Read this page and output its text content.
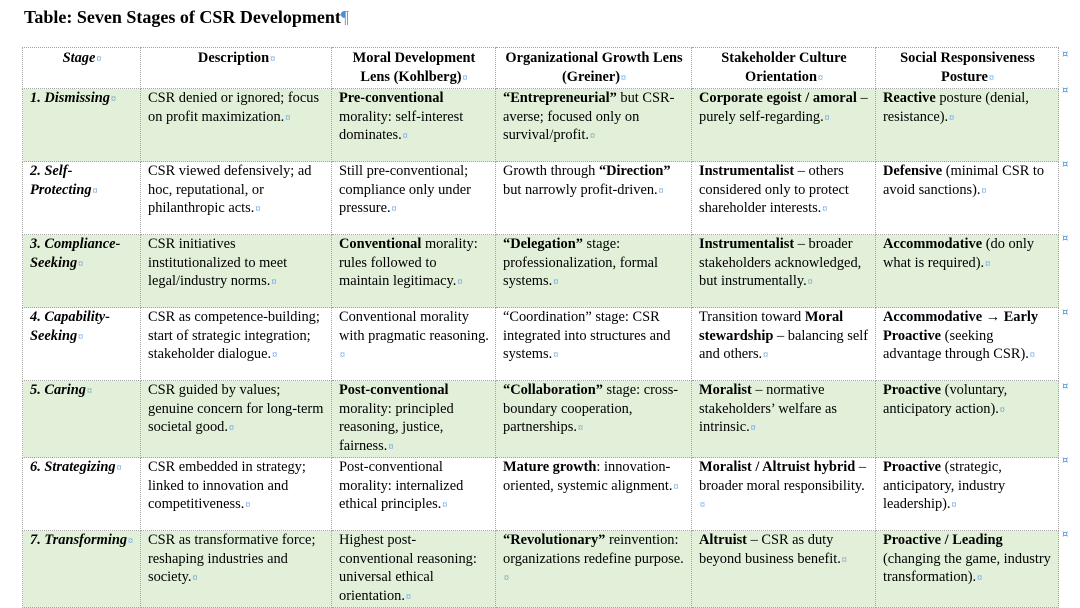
Table: Seven Stages of CSR Development¶
Stage¤	Description¤	Moral Development Lens (Kohlberg)¤	Organizational Growth Lens (Greiner)¤	Stakeholder Culture Orientation¤	Social Responsiveness Posture¤
1. Dismissing¤	CSR denied or ignored; focus on profit maximization.¤	Pre-conventional morality: self-interest dominates.¤	“Entrepreneurial” but CSR-averse; focused only on survival/profit.¤	Corporate egoist / amoral – purely self-regarding.¤	Reactive posture (denial, resistance).¤
2. Self-Protecting¤	CSR viewed defensively; ad hoc, reputational, or philanthropic acts.¤	Still pre-conventional; compliance only under pressure.¤	Growth through “Direction” but narrowly profit-driven.¤	Instrumentalist – others considered only to protect shareholder interests.¤	Defensive (minimal CSR to avoid sanctions).¤
3. Compliance-Seeking¤	CSR initiatives institutionalized to meet legal/industry norms.¤	Conventional morality: rules followed to maintain legitimacy.¤	“Delegation” stage: professionalization, formal systems.¤	Instrumentalist – broader stakeholders acknowledged, but instrumentally.¤	Accommodative (do only what is required).¤
4. Capability-Seeking¤	CSR as competence-building; start of strategic integration; stakeholder dialogue.¤	Conventional morality with pragmatic reasoning.¤	“Coordination” stage: CSR integrated into structures and systems.¤	Transition toward Moral stewardship – balancing self and others.¤	Accommodative → Early Proactive (seeking advantage through CSR).¤
5. Caring¤	CSR guided by values; genuine concern for long-term societal good.¤	Post-conventional morality: principled reasoning, justice, fairness.¤	“Collaboration” stage: cross-boundary cooperation, partnerships.¤	Moralist – normative stakeholders’ welfare as intrinsic.¤	Proactive (voluntary, anticipatory action).¤
6. Strategizing¤	CSR embedded in strategy; linked to innovation and competitiveness.¤	Post-conventional morality: internalized ethical principles.¤	Mature growth: innovation-oriented, systemic alignment.¤	Moralist / Altruist hybrid – broader moral responsibility.¤	Proactive (strategic, anticipatory, industry leadership).¤
7. Transforming¤	CSR as transformative force; reshaping industries and society.¤	Highest post-conventional reasoning: universal ethical orientation.¤	“Revolutionary” reinvention: organizations redefine purpose.¤	Altruist – CSR as duty beyond business benefit.¤	Proactive / Leading (changing the game, industry transformation).¤
¤
¤
¤
¤
¤
¤
¤
¤
